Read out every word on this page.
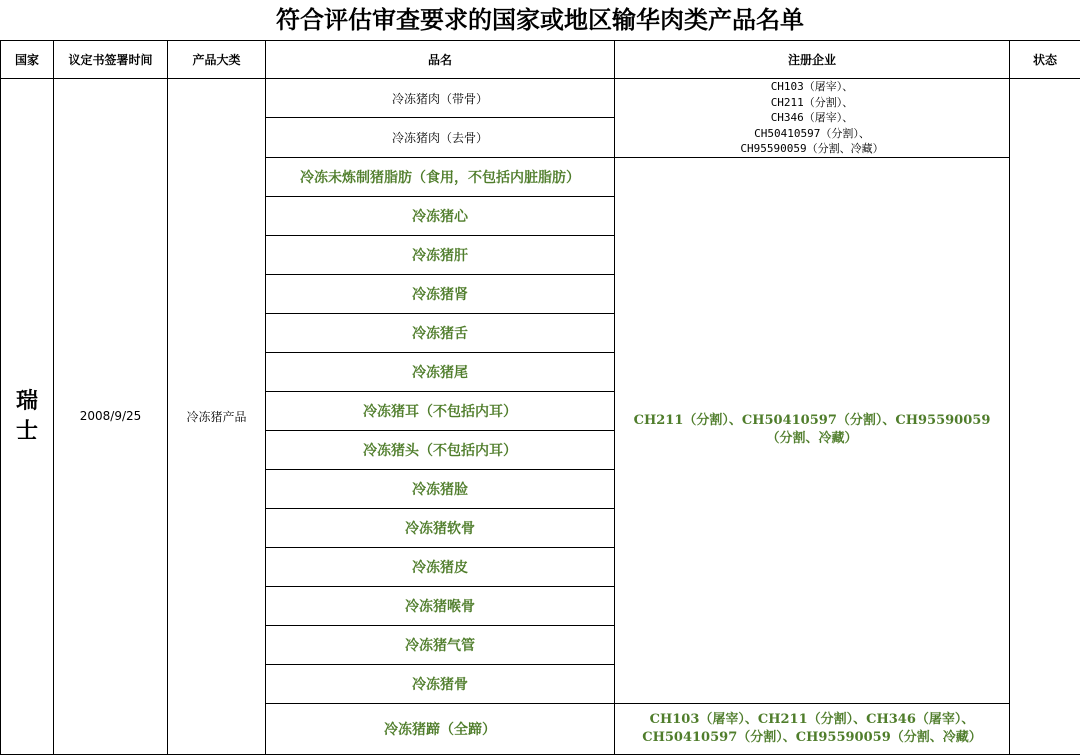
符合评估审查要求的国家或地区输华肉类产品名单
国家	议定书签署时间	产品大类	品名	注册企业	状态

瑞
士	2008/9/25	冷冻猪产品	冷冻猪肉（带骨）	CH103（屠宰）、
CH211（分割）、
CH346（屠宰）、
CH50410597（分割）、
CH95590059（分割、冷藏）	

			冷冻猪肉（去骨）		
			冷冻未炼制猪脂肪（食用，不包括内脏脂肪）	CH211（分割）、CH50410597（分割）、CH95590059
（分割、冷藏）	

			冷冻猪心		
			冷冻猪肝		
			冷冻猪肾		
			冷冻猪舌		
			冷冻猪尾		
			冷冻猪耳（不包括内耳）		
			冷冻猪头（不包括内耳）		
			冷冻猪脸		
			冷冻猪软骨		
			冷冻猪皮		
			冷冻猪喉骨		
			冷冻猪气管		
			冷冻猪骨		
			冷冻猪蹄（全蹄）	CH103（屠宰）、CH211（分割）、CH346（屠宰）、
CH50410597（分割）、CH95590059（分割、冷藏）	
